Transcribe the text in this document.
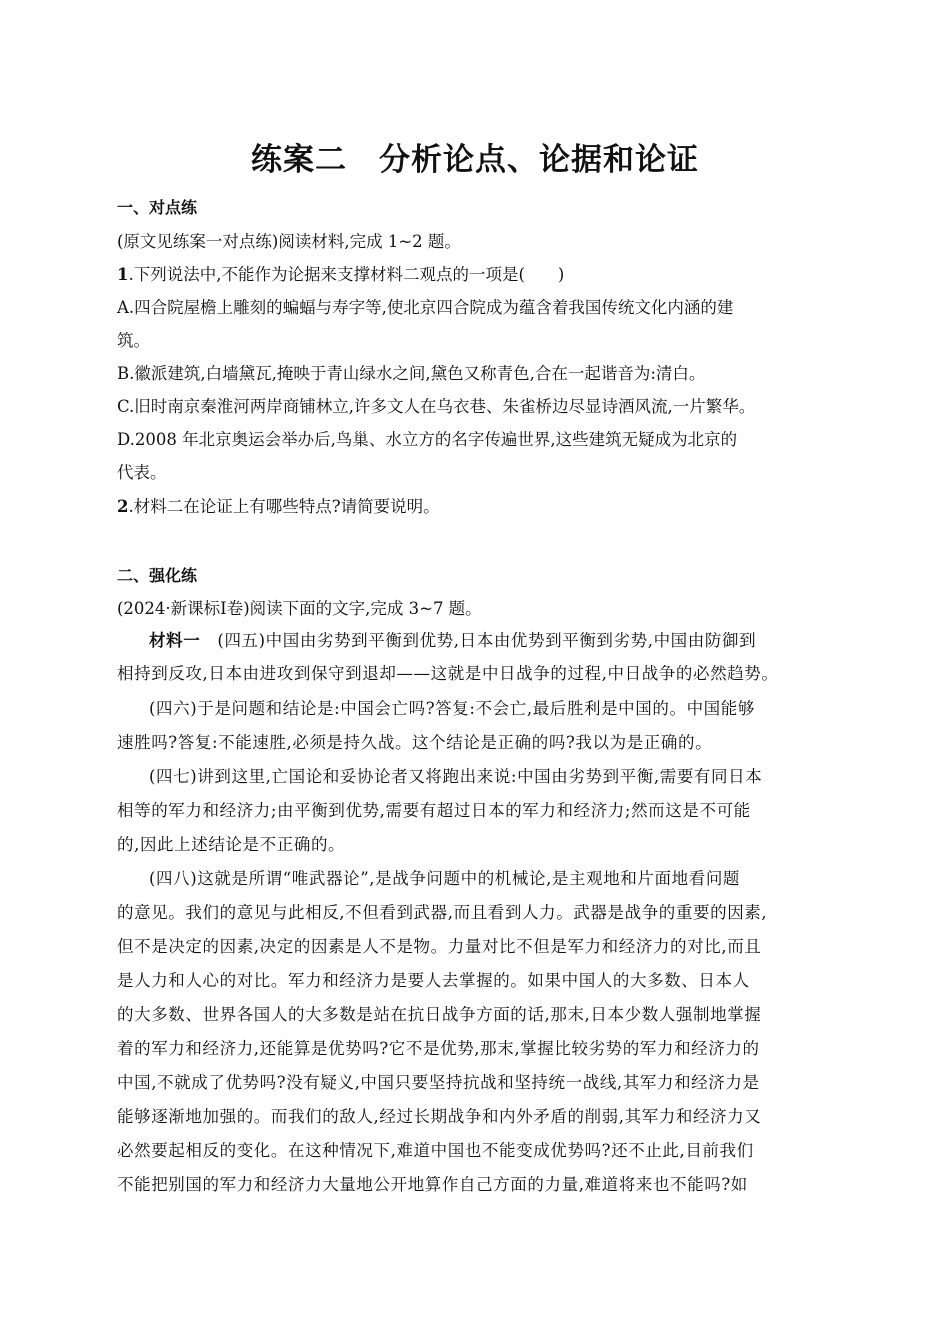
练案二　分析论点、论据和论证
一、对点练
(原文见练案一对点练)阅读材料,完成 1~2 题。
1.下列说法中,不能作为论据来支撑材料二观点的一项是(　　)
A.四合院屋檐上雕刻的蝙蝠与寿字等,使北京四合院成为蕴含着我国传统文化内涵的建
筑。
B.徽派建筑,白墙黛瓦,掩映于青山绿水之间,黛色又称青色,合在一起谐音为:清白。
C.旧时南京秦淮河两岸商铺林立,许多文人在乌衣巷、朱雀桥边尽显诗酒风流,一片繁华。
D.2008 年北京奥运会举办后,鸟巢、水立方的名字传遍世界,这些建筑无疑成为北京的
代表。
2.材料二在论证上有哪些特点?请简要说明。
二、强化练
(2024·新课标Ⅰ卷)阅读下面的文字,完成 3~7 题。
材料一　(四五)中国由劣势到平衡到优势,日本由优势到平衡到劣势,中国由防御到
相持到反攻,日本由进攻到保守到退却——这就是中日战争的过程,中日战争的必然趋势。
(四六)于是问题和结论是:中国会亡吗?答复:不会亡,最后胜利是中国的。中国能够
速胜吗?答复:不能速胜,必须是持久战。这个结论是正确的吗?我以为是正确的。
(四七)讲到这里,亡国论和妥协论者又将跑出来说:中国由劣势到平衡,需要有同日本
相等的军力和经济力;由平衡到优势,需要有超过日本的军力和经济力;然而这是不可能
的,因此上述结论是不正确的。
(四八)这就是所谓“唯武器论”,是战争问题中的机械论,是主观地和片面地看问题
的意见。我们的意见与此相反,不但看到武器,而且看到人力。武器是战争的重要的因素,
但不是决定的因素,决定的因素是人不是物。力量对比不但是军力和经济力的对比,而且
是人力和人心的对比。军力和经济力是要人去掌握的。如果中国人的大多数、日本人
的大多数、世界各国人的大多数是站在抗日战争方面的话,那末,日本少数人强制地掌握
着的军力和经济力,还能算是优势吗?它不是优势,那末,掌握比较劣势的军力和经济力的
中国,不就成了优势吗?没有疑义,中国只要坚持抗战和坚持统一战线,其军力和经济力是
能够逐渐地加强的。而我们的敌人,经过长期战争和内外矛盾的削弱,其军力和经济力又
必然要起相反的变化。在这种情况下,难道中国也不能变成优势吗?还不止此,目前我们
不能把别国的军力和经济力大量地公开地算作自己方面的力量,难道将来也不能吗?如
